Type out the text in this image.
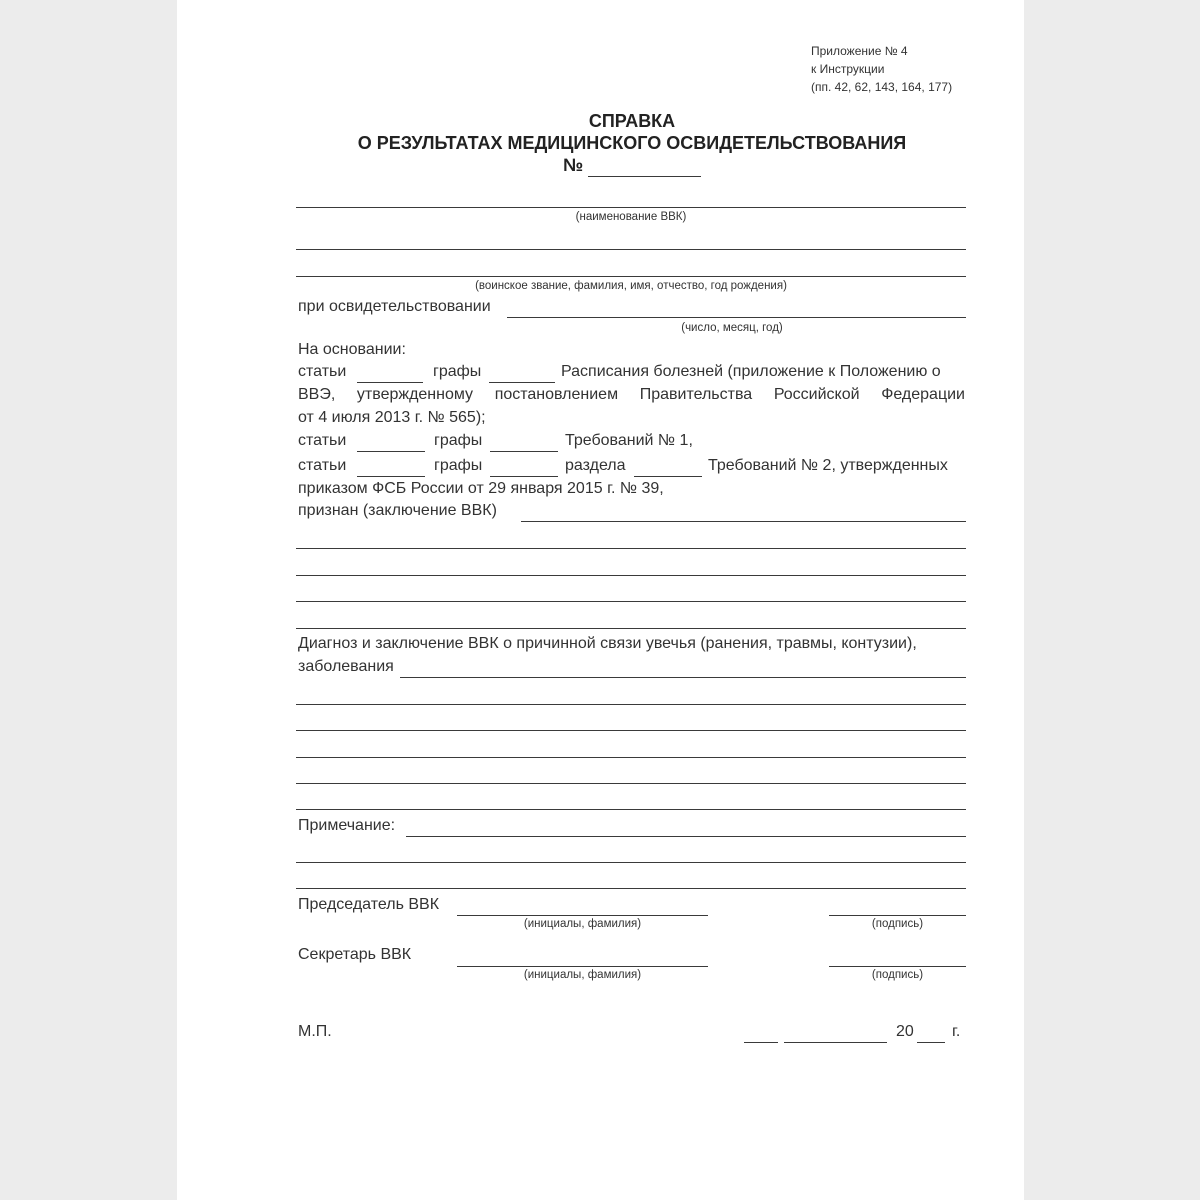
Приложение № 4
к Инструкции
(пп. 42, 62, 143, 164, 177)
СПРАВКА
О РЕЗУЛЬТАТАХ МЕДИЦИНСКОГО ОСВИДЕТЕЛЬСТВОВАНИЯ
№
(наименование ВВК)
(воинское звание, фамилия, имя, отчество, год рождения)
при освидетельствовании
(число, месяц, год)
На основании:
статьи	графы	Расписания болезней (приложение к Положению о
ВВЭ, утвержденному постановлением Правительства Российской Федерации
от 4 июля 2013 г. № 565);
статьи	графы	Требований № 1,
статьи	графы	раздела	Требований № 2, утвержденных
приказом ФСБ России от 29 января 2015 г. № 39,
признан (заключение ВВК)
Диагноз и заключение ВВК о причинной связи увечья (ранения, травмы, контузии),
заболевания
Примечание:
Председатель ВВК
(инициалы, фамилия)	(подпись)
Секретарь ВВК
(инициалы, фамилия)	(подпись)
М.П.	20 г.
